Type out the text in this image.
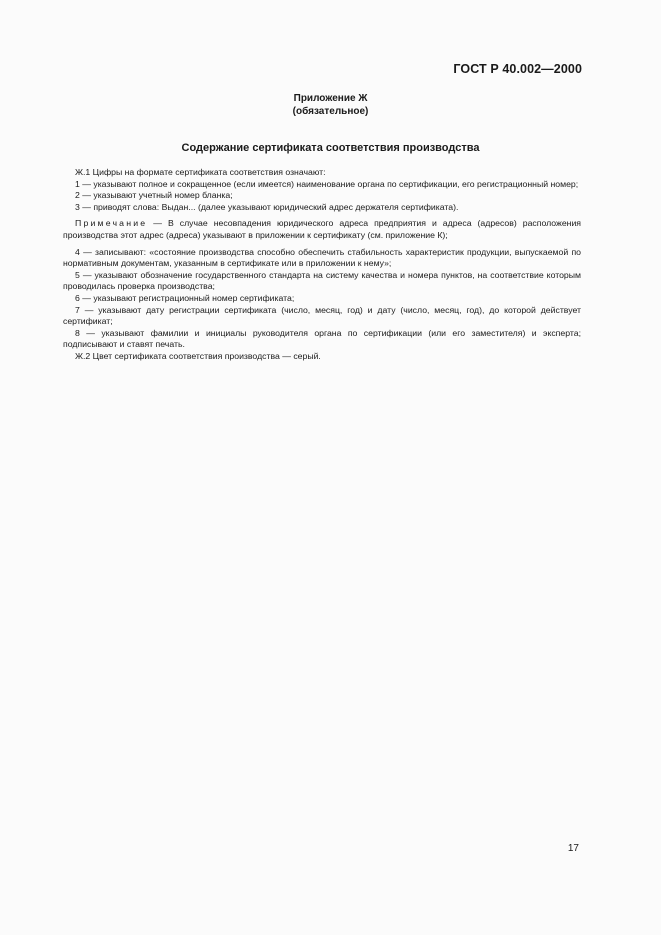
ГОСТ Р 40.002—2000
Приложение Ж
(обязательное)
Содержание сертификата соответствия производства

Ж.1 Цифры на формате сертификата соответствия означают:

1 — указывают полное и сокращенное (если имеется) наименование органа по сертификации, его регистрационный номер;

2 — указывают учетный номер бланка;

3 — приводят слова: Выдан... (далее указывают юридический адрес держателя сертификата).

Примечание — В случае несовпадения юридического адреса предприятия и адреса (адресов) расположения производства этот адрес (адреса) указывают в приложении к сертификату (см. приложение К);

4 — записывают: «состояние производства способно обеспечить стабильность характеристик продукции, выпускаемой по нормативным документам, указанным в сертификате или в приложении к нему»;

5 — указывают обозначение государственного стандарта на систему качества и номера пунктов, на соответствие которым проводилась проверка производства;

6 — указывают регистрационный номер сертификата;

7 — указывают дату регистрации сертификата (число, месяц, год) и дату (число, месяц, год), до которой действует сертификат;

8 — указывают фамилии и инициалы руководителя органа по сертификации (или его заместителя) и эксперта; подписывают и ставят печать.

Ж.2 Цвет сертификата соответствия производства — серый.

17
